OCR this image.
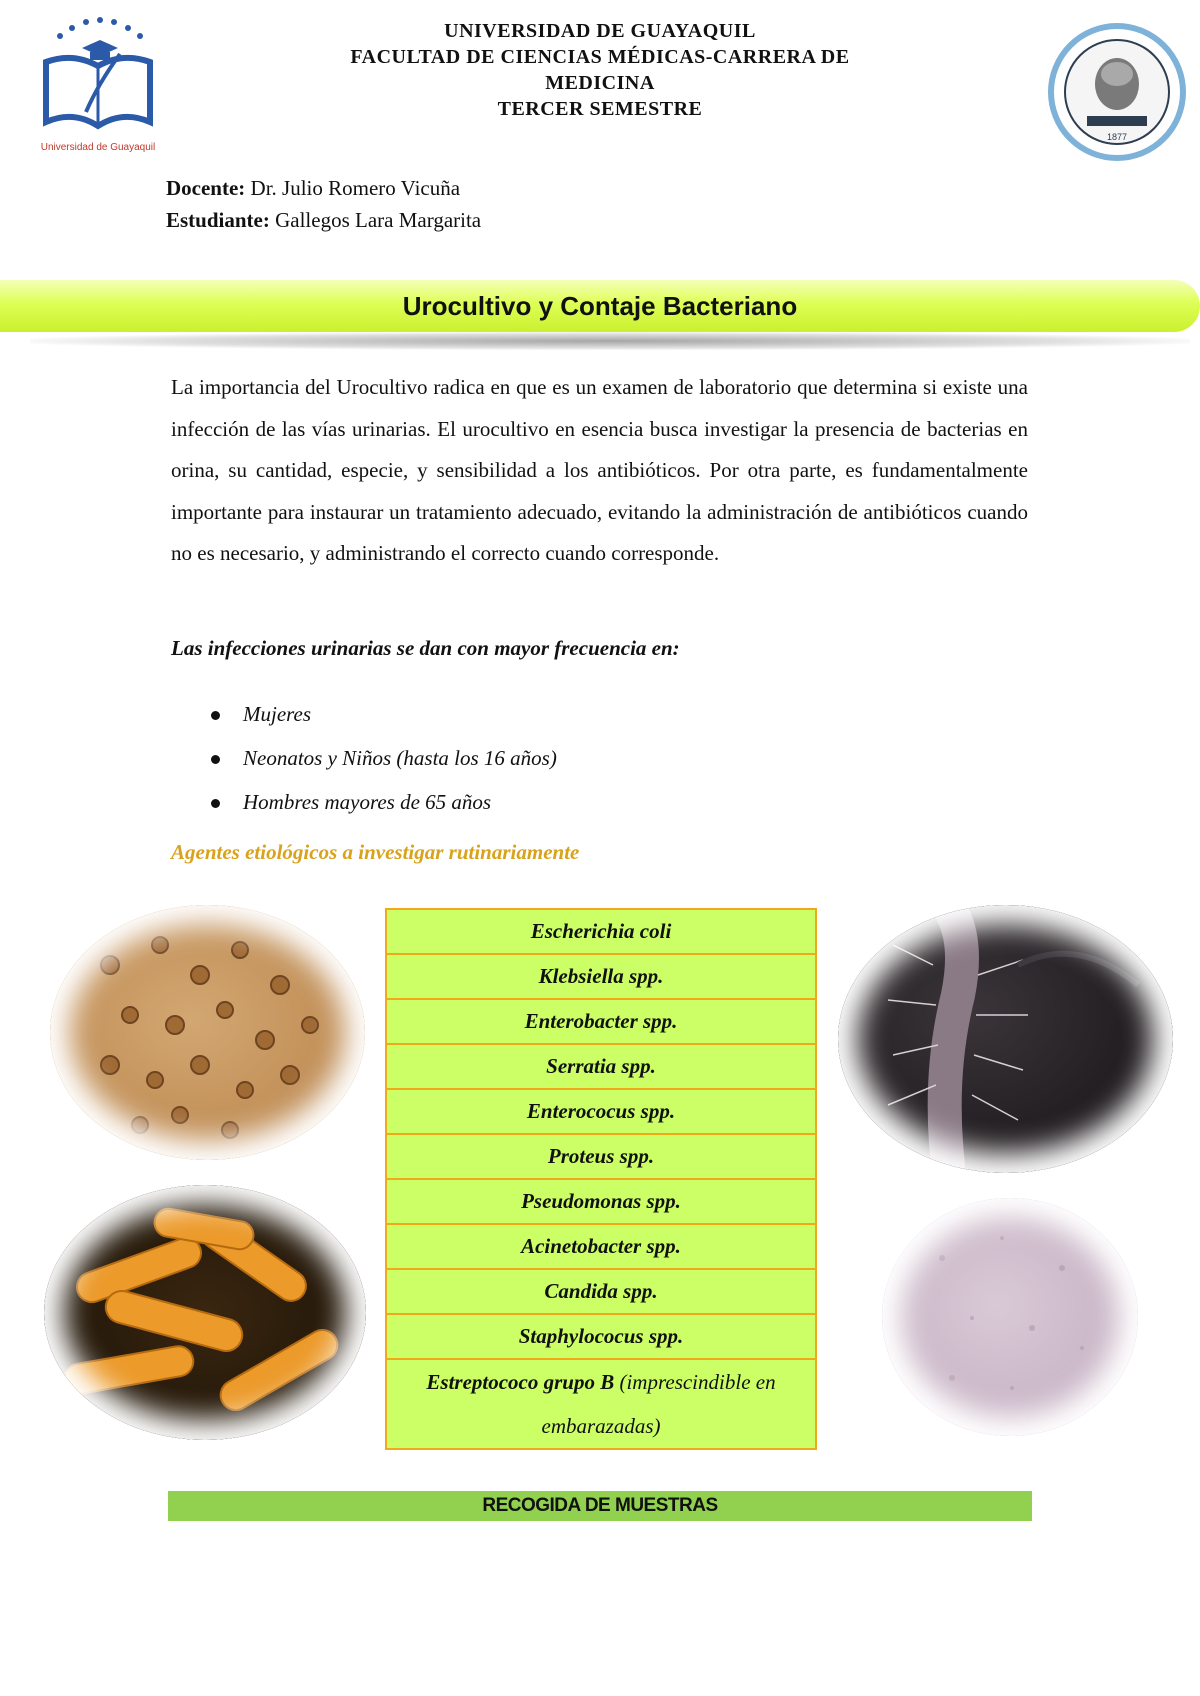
Universidad de Guayaquil
1877
UNIVERSIDAD DE GUAYAQUIL
FACULTAD DE CIENCIAS MÉDICAS-CARRERA DE
MEDICINA
TERCER SEMESTRE
Docente: Dr. Julio Romero Vicuña
Estudiante: Gallegos Lara Margarita
Urocultivo y Contaje Bacteriano

La importancia del Urocultivo radica en que es un examen de laboratorio que determina si existe una infección de las vías urinarias. El urocultivo en esencia busca investigar la presencia de bacterias en orina, su cantidad, especie, y sensibilidad a los antibióticos. Por otra parte, es fundamentalmente importante para instaurar un tratamiento adecuado, evitando la administración de antibióticos cuando no es necesario, y administrando el correcto cuando corresponde.

Las infecciones urinarias se dan con mayor frecuencia en:
Mujeres
Neonatos y Niños (hasta los 16 años)
Hombres mayores de 65 años
Agentes etiológicos a investigar rutinariamente
Escherichia coli
Klebsiella spp.
Enterobacter spp.
Serratia spp.
Enterococus spp.
Proteus spp.
Pseudomonas spp.
Acinetobacter spp.
Candida spp.
Staphylococus spp.
Estreptococo grupo B (imprescindible en embarazadas)
RECOGIDA DE MUESTRAS
